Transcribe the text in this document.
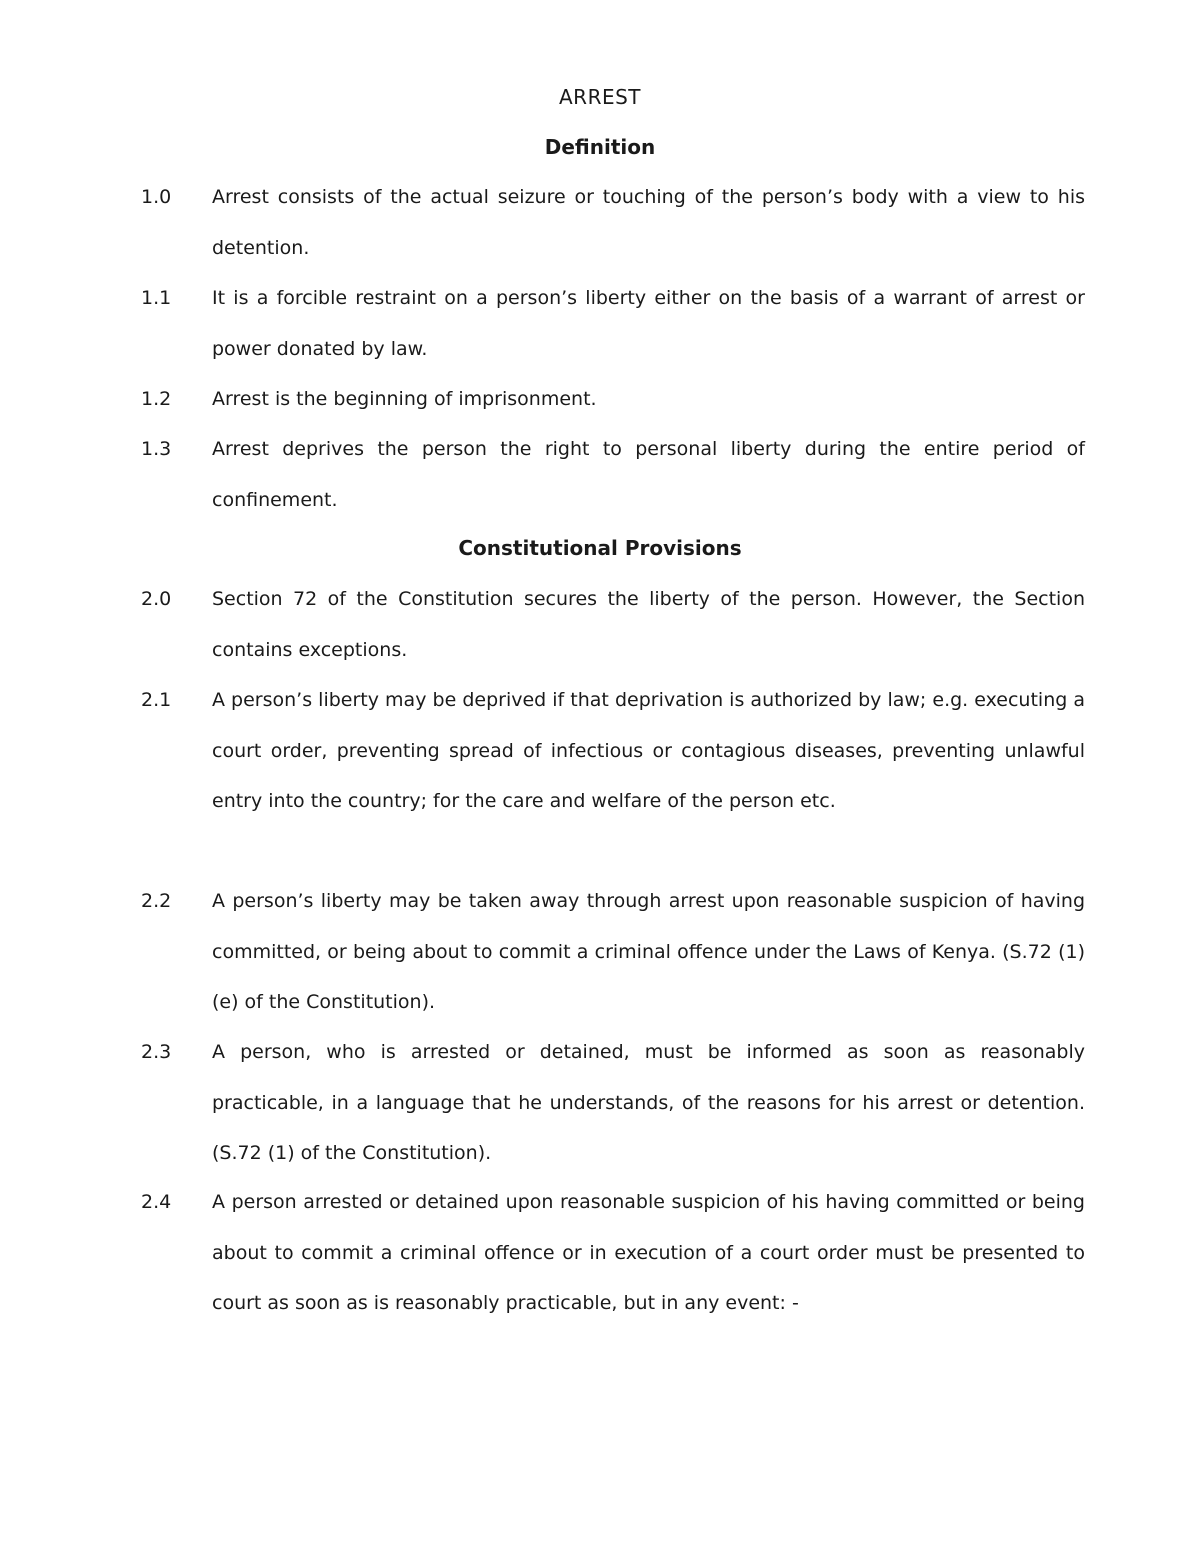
ARREST
Definition
1.0	Arrest consists of the actual seizure or touching of the person’s body with a view to his detention.
1.1	It is a forcible restraint on a person’s liberty either on the basis of a warrant of arrest or power donated by law.
1.2	Arrest is the beginning of imprisonment.
1.3	Arrest deprives the person the right to personal liberty during the entire period of confinement.
Constitutional Provisions
2.0	Section 72 of the Constitution secures the liberty of the person. However, the Section contains exceptions.
2.1	A person’s liberty may be deprived if that deprivation is authorized by law; e.g. executing a court order, preventing spread of infectious or contagious diseases, preventing unlawful entry into the country; for the care and welfare of the person etc.
2.2	A person’s liberty may be taken away through arrest upon reasonable suspicion of having committed, or being about to commit a criminal offence under the Laws of Kenya. (S.72 (1)(e) of the Constitution).
2.3	A person, who is arrested or detained, must be informed as soon as reasonably practicable, in a language that he understands, of the reasons for his arrest or detention. (S.72 (1) of the Constitution).
2.4	A person arrested or detained upon reasonable suspicion of his having committed or being about to commit a criminal offence or in execution of a court order must be presented to court as soon as is reasonably practicable, but in any event: -
